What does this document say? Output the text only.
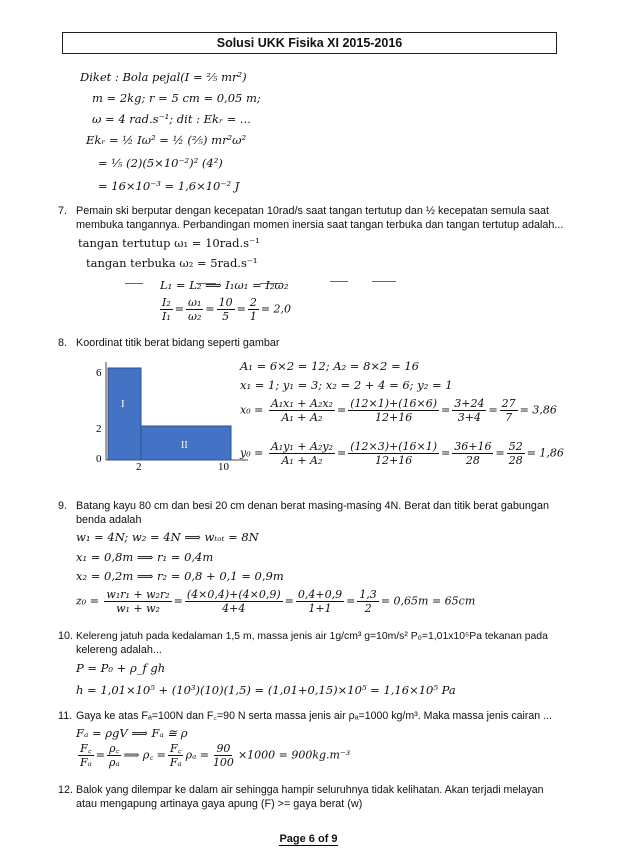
Solusi UKK Fisika XI 2015-2016
Diket : Bola pejal(I = ⅖ mr²)
m = 2kg; r = 5 cm = 0,05 m;
ω = 4 rad.s⁻¹; dit : Ekᵣ = ...
Ekᵣ = ½ Iω² = ½ (⅖) mr²ω²
= ⅕ (2)(5×10⁻²)² (4²)
= 16×10⁻³ = 1,6×10⁻² J
7. Pemain ski berputar dengan kecepatan 10rad/s saat tangan tertutup dan ½ kecepatan semula saat
membuka tangannya. Perbandingan momen inersia saat tangan terbuka dan tangan tertutup adalah...
tangan tertutup ω₁ = 10rad.s⁻¹
tangan terbuka ω₂ = 5rad.s⁻¹
L₁ = L₂ ⟹ I₁ω₁ = I₂ω₂
$\frac{\text{I₂}}{\text{I₁}} = \frac{\text{ω₁}}{\text{ω₂}} = \frac{10}{5} = \frac{2}{1} = 2,0$
8. Koordinat titik berat bidang seperti gambar
6
2
0
2	10
I
II
A₁ = 6×2 = 12; A₂ = 8×2 = 16
x₁ = 1; y₁ = 3; x₂ = 2 + 4 = 6; y₂ = 1
$x_0 = \frac{\text{A₁x₁ + A₂x₂}}{\text{A₁ + A₂}} = \frac{(12\times 1)+(16\times 6)}{12+16} = \frac{3+24}{3+4} = \frac{27}{7} = 3,86$
$y_0 = \frac{\text{A₁y₁ + A₂y₂}}{\text{A₁ + A₂}} = \frac{(12\times 3)+(16\times 1)}{12+16} = \frac{36+16}{28} = \frac{52}{28} = 1,86$
9. Batang kayu 80 cm dan besi 20 cm denan berat masing-masing 4N. Berat dan titik berat gabungan
benda adalah
w₁ = 4N; w₂ = 4N ⟹ wₜₒₜ = 8N
x₁ = 0,8m ⟹ r₁ = 0,4m
x₂ = 0,2m ⟹ r₂ = 0,8 + 0,1 = 0,9m
$z_0 = \frac{\text{w₁r₁ + w₂r₂}}{\text{w₁ + w₂}} = \frac{(4\times 0,4)+(4\times 0,9)}{4+4} = \frac{0,4+0,9}{1+1} = \frac{1,3}{2} = 0,65m = 65cm$
10. Kelereng jatuh pada kedalaman 1,5 m, massa jenis air 1g/cm³ g=10m/s² P₀=1,01x10⁵Pa tekanan pada
kelereng adalah...
P = P₀ + ρ_f gh
h = 1,01×10⁵ + (10³)(10)(1,5) = (1,01+0,15)×10⁵ = 1,16×10⁵ Pa
11. Gaya ke atas Fₐ=100N dan F꜀=90 N serta massa jenis air ρₐ=1000 kg/m³. Maka massa jenis cairan ...
Fₐ = ρgV ⟹ Fₐ ≅ ρ
$\frac{F꜀}{\text{Fₐ}} = \frac{\rho꜀}{\text{ρₐ}}$ ⟹ ρ꜀ = $\frac{F꜀}{\text{Fₐ}}$ $\rho_a = \frac{90}{100} \times 1000 = 900kg.m^{-3}$
12. Balok yang dilempar ke dalam air sehingga hampir seluruhnya tidak kelihatan. Akan terjadi melayan
atau mengapung artinaya gaya apung (F) >= gaya berat (w)
Page 6 of 9
